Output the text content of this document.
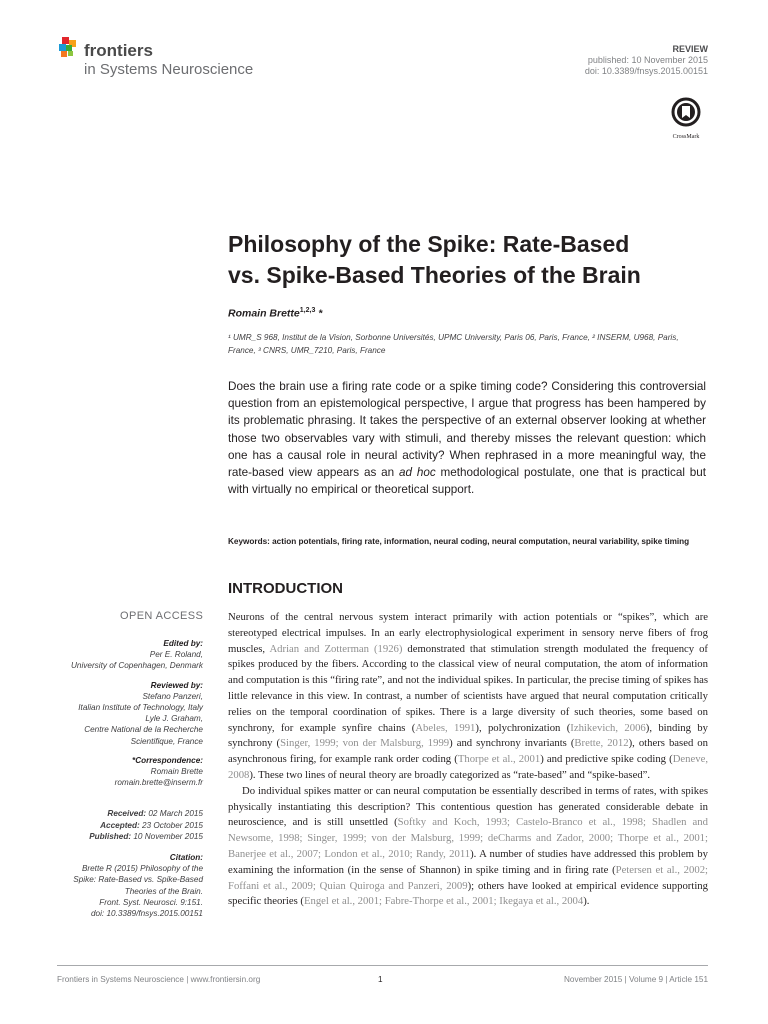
frontiers
in Systems Neuroscience
REVIEW
published: 10 November 2015
doi: 10.3389/fnsys.2015.00151
CrossMark
Philosophy of the Spike: Rate-Based
vs. Spike-Based Theories of the Brain
Romain Brette$^{1,2,3}$ *
¹ UMR_S 968, Institut de la Vision, Sorbonne Universités, UPMC University, Paris 06, Paris, France, ² INSERM, U968, Paris,
France, ³ CNRS, UMR_7210, Paris, France

Does the brain use a firing rate code or a spike timing code? Considering this controversial question from an epistemological perspective, I argue that progress has been hampered by its problematic phrasing. It takes the perspective of an external observer looking at whether those two observables vary with stimuli, and thereby misses the relevant question: which one has a causal role in neural activity? When rephrased in a more meaningful way, the rate-based view appears as an ad hoc methodological postulate, one that is practical but with virtually no empirical or theoretical support.

Keywords: action potentials, firing rate, information, neural coding, neural computation, neural variability, spike timing
INTRODUCTION
OPEN ACCESS
Edited by:
Per E. Roland,
University of Copenhagen, Denmark
Reviewed by:
Stefano Panzeri,
Italian Institute of Technology, Italy
Lyle J. Graham,
Centre National de la Recherche
Scientifique, France
*Correspondence:
Romain Brette
romain.brette@inserm.fr
Received: 02 March 2015
Accepted: 23 October 2015
Published: 10 November 2015
Citation:
Brette R (2015) Philosophy of the
Spike: Rate-Based vs. Spike-Based
Theories of the Brain.
Front. Syst. Neurosci. 9:151.
doi: 10.3389/fnsys.2015.00151

Neurons of the central nervous system interact primarily with action potentials or “spikes”, which are stereotyped electrical impulses. In an early electrophysiological experiment in sensory nerve fibers of frog muscles, Adrian and Zotterman (1926) demonstrated that stimulation strength modulated the frequency of spikes produced by the fibers. According to the classical view of neural computation, the atom of information and computation is this “firing rate”, and not the individual spikes. In particular, the precise timing of spikes has little relevance in this view. In contrast, a number of scientists have argued that neural computation critically relies on the temporal coordination of spikes. There is a large diversity of such theories, some based on synchrony, for example synfire chains (Abeles, 1991), polychronization (Izhikevich, 2006), binding by synchrony (Singer, 1999; von der Malsburg, 1999) and synchrony invariants (Brette, 2012), others based on asynchronous firing, for example rank order coding (Thorpe et al., 2001) and predictive spike coding (Deneve, 2008). These two lines of neural theory are broadly categorized as “rate-based” and “spike-based”.

Do individual spikes matter or can neural computation be essentially described in terms of rates, with spikes physically instantiating this description? This contentious question has generated considerable debate in neuroscience, and is still unsettled (Softky and Koch, 1993; Castelo-Branco et al., 1998; Shadlen and Newsome, 1998; Singer, 1999; von der Malsburg, 1999; deCharms and Zador, 2000; Thorpe et al., 2001; Banerjee et al., 2007; London et al., 2010; Randy, 2011). A number of studies have addressed this problem by examining the information (in the sense of Shannon) in spike timing and in firing rate (Petersen et al., 2002; Foffani et al., 2009; Quian Quiroga and Panzeri, 2009); others have looked at empirical evidence supporting specific theories (Engel et al., 2001; Fabre-Thorpe et al., 2001; Ikegaya et al., 2004).

Frontiers in Systems Neuroscience | www.frontiersin.org	1	November 2015 | Volume 9 | Article 151
